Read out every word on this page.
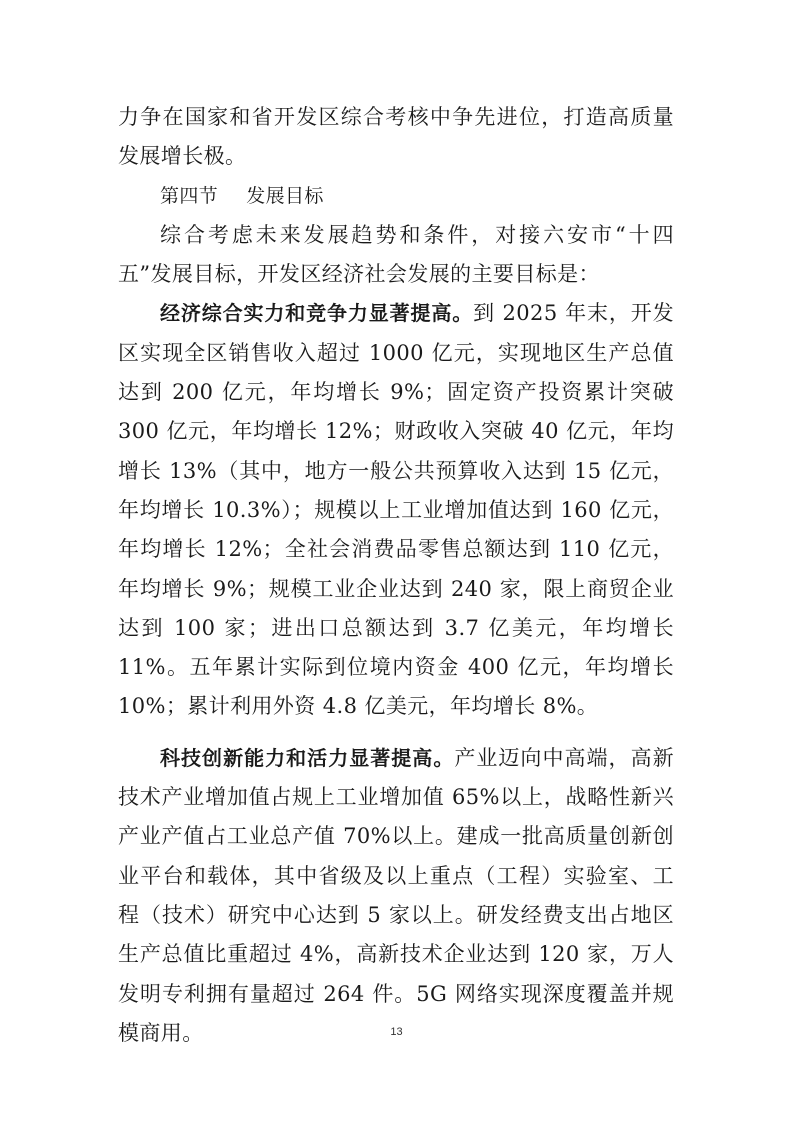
力争在国家和省开发区综合考核中争先进位，打造高质量发展增长极。

第四节 发展目标

综合考虑未来发展趋势和条件，对接六安市“十四五”发展目标，开发区经济社会发展的主要目标是：

经济综合实力和竞争力显著提高。到 2025 年末，开发区实现全区销售收入超过 1000 亿元，实现地区生产总值达到 200 亿元，年均增长 9%；固定资产投资累计突破 300 亿元，年均增长 12%；财政收入突破 40 亿元，年均增长 13%（其中，地方一般公共预算收入达到 15 亿元，年均增长 10.3%）；规模以上工业增加值达到 160 亿元，年均增长 12%；全社会消费品零售总额达到 110 亿元，年均增长 9%；规模工业企业达到 240 家，限上商贸企业达到 100 家；进出口总额达到 3.7 亿美元，年均增长 11%。五年累计实际到位境内资金 400 亿元，年均增长 10%；累计利用外资 4.8 亿美元，年均增长 8%。

科技创新能力和活力显著提高。产业迈向中高端，高新技术产业增加值占规上工业增加值 65%以上，战略性新兴产业产值占工业总产值 70%以上。建成一批高质量创新创业平台和载体，其中省级及以上重点（工程）实验室、工程（技术）研究中心达到 5 家以上。研发经费支出占地区生产总值比重超过 4%，高新技术企业达到 120 家，万人发明专利拥有量超过 264 件。5G 网络实现深度覆盖并规模商用。	13
